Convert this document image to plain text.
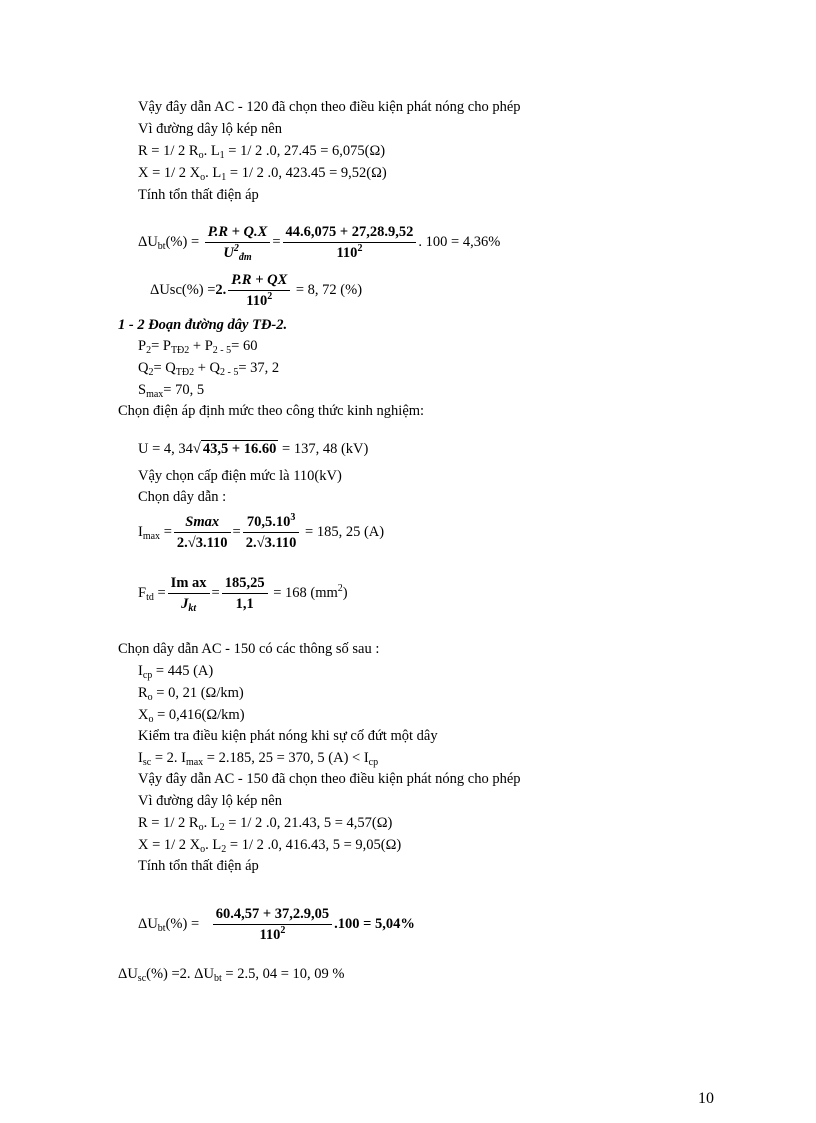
Vậy đây dẫn AC - 120 đã chọn theo điều kiện phát nóng cho phép
Vì đường dây lộ kép nên
R = 1/ 2 $R_o$. $L_1 = 1/$ 2 .0, 27.45 = 6,075(Ω)
X = 1/ 2 $X_o$. $L_1 = 1/$ 2 .0, 423.45 = 9,52(Ω)
Tính tổn thất điện áp
$\Delta U_{bt}(\%) = \frac{P.R + Q.X}{U^2_{đm}} = \frac{44.6,075 + 27,28.9,52}{110^2}$ . 100 = 4,36%
ΔUsc(%) =2. $\frac{P.R + QX}{110^2} = 8$, 72 (%)
1 - 2 Đoạn đường dây TĐ-2.
$P_2= P_{TĐ2} + P_{2 - 5}= 60$
$Q_2= Q_{TĐ2} + Q_{2 - 5}= 37$, 2
$S_{max}= 70$, 5
Chọn điện áp định mức theo công thức kinh nghiệm:
U = 4, 34√ 43,5 + 16.60 = 137, 48 (kV)
Vậy chọn cấp điện mức là 110(kV)
Chọn dây dẫn :
$I_{max} = \frac{Smax}{2.√3.110} = \frac{70,5.10^3}{2.√3.110} = 185$, 25 (A)
$F_{td} = \frac{\text{Im ax}}{J_{kt}} = \frac{185,25}{1,1} = 168$ $(mm^2)$
Chọn dây dẫn AC - 150 có các thông số sau :
$I_{cp} = 445$ (A)
$R_o = 0$, 21 (Ω/km)
$X_o = 0,416(\Omega/km)$
Kiểm tra điều kiện phát nóng khi sự cố đứt một dây
$I_{sc} = 2$. $I_{max} = 2.185$, 25 = 370, 5 $(A) < I_{cp}$
Vậy đây dẫn AC - 150 đã chọn theo điều kiện phát nóng cho phép
Vì đường dây lộ kép nên
R = 1/ 2 $R_o$. $L_2 = 1/$ 2 .0, 21.43, 5 = 4,57(Ω)
X = 1/ 2 $X_o$. $L_2 = 1/$ 2 .0, 416.43, 5 = 9,05(Ω)
Tính tổn thất điện áp
$\Delta U_{bt}(\%) = \frac{60.4,57 + 37,2.9,05}{110^2} .100 = 5,04\%$
$\Delta U_{sc}(\%) =2$. $\Delta U_{bt} = 2.5$, 04 = 10, 09 %
10
